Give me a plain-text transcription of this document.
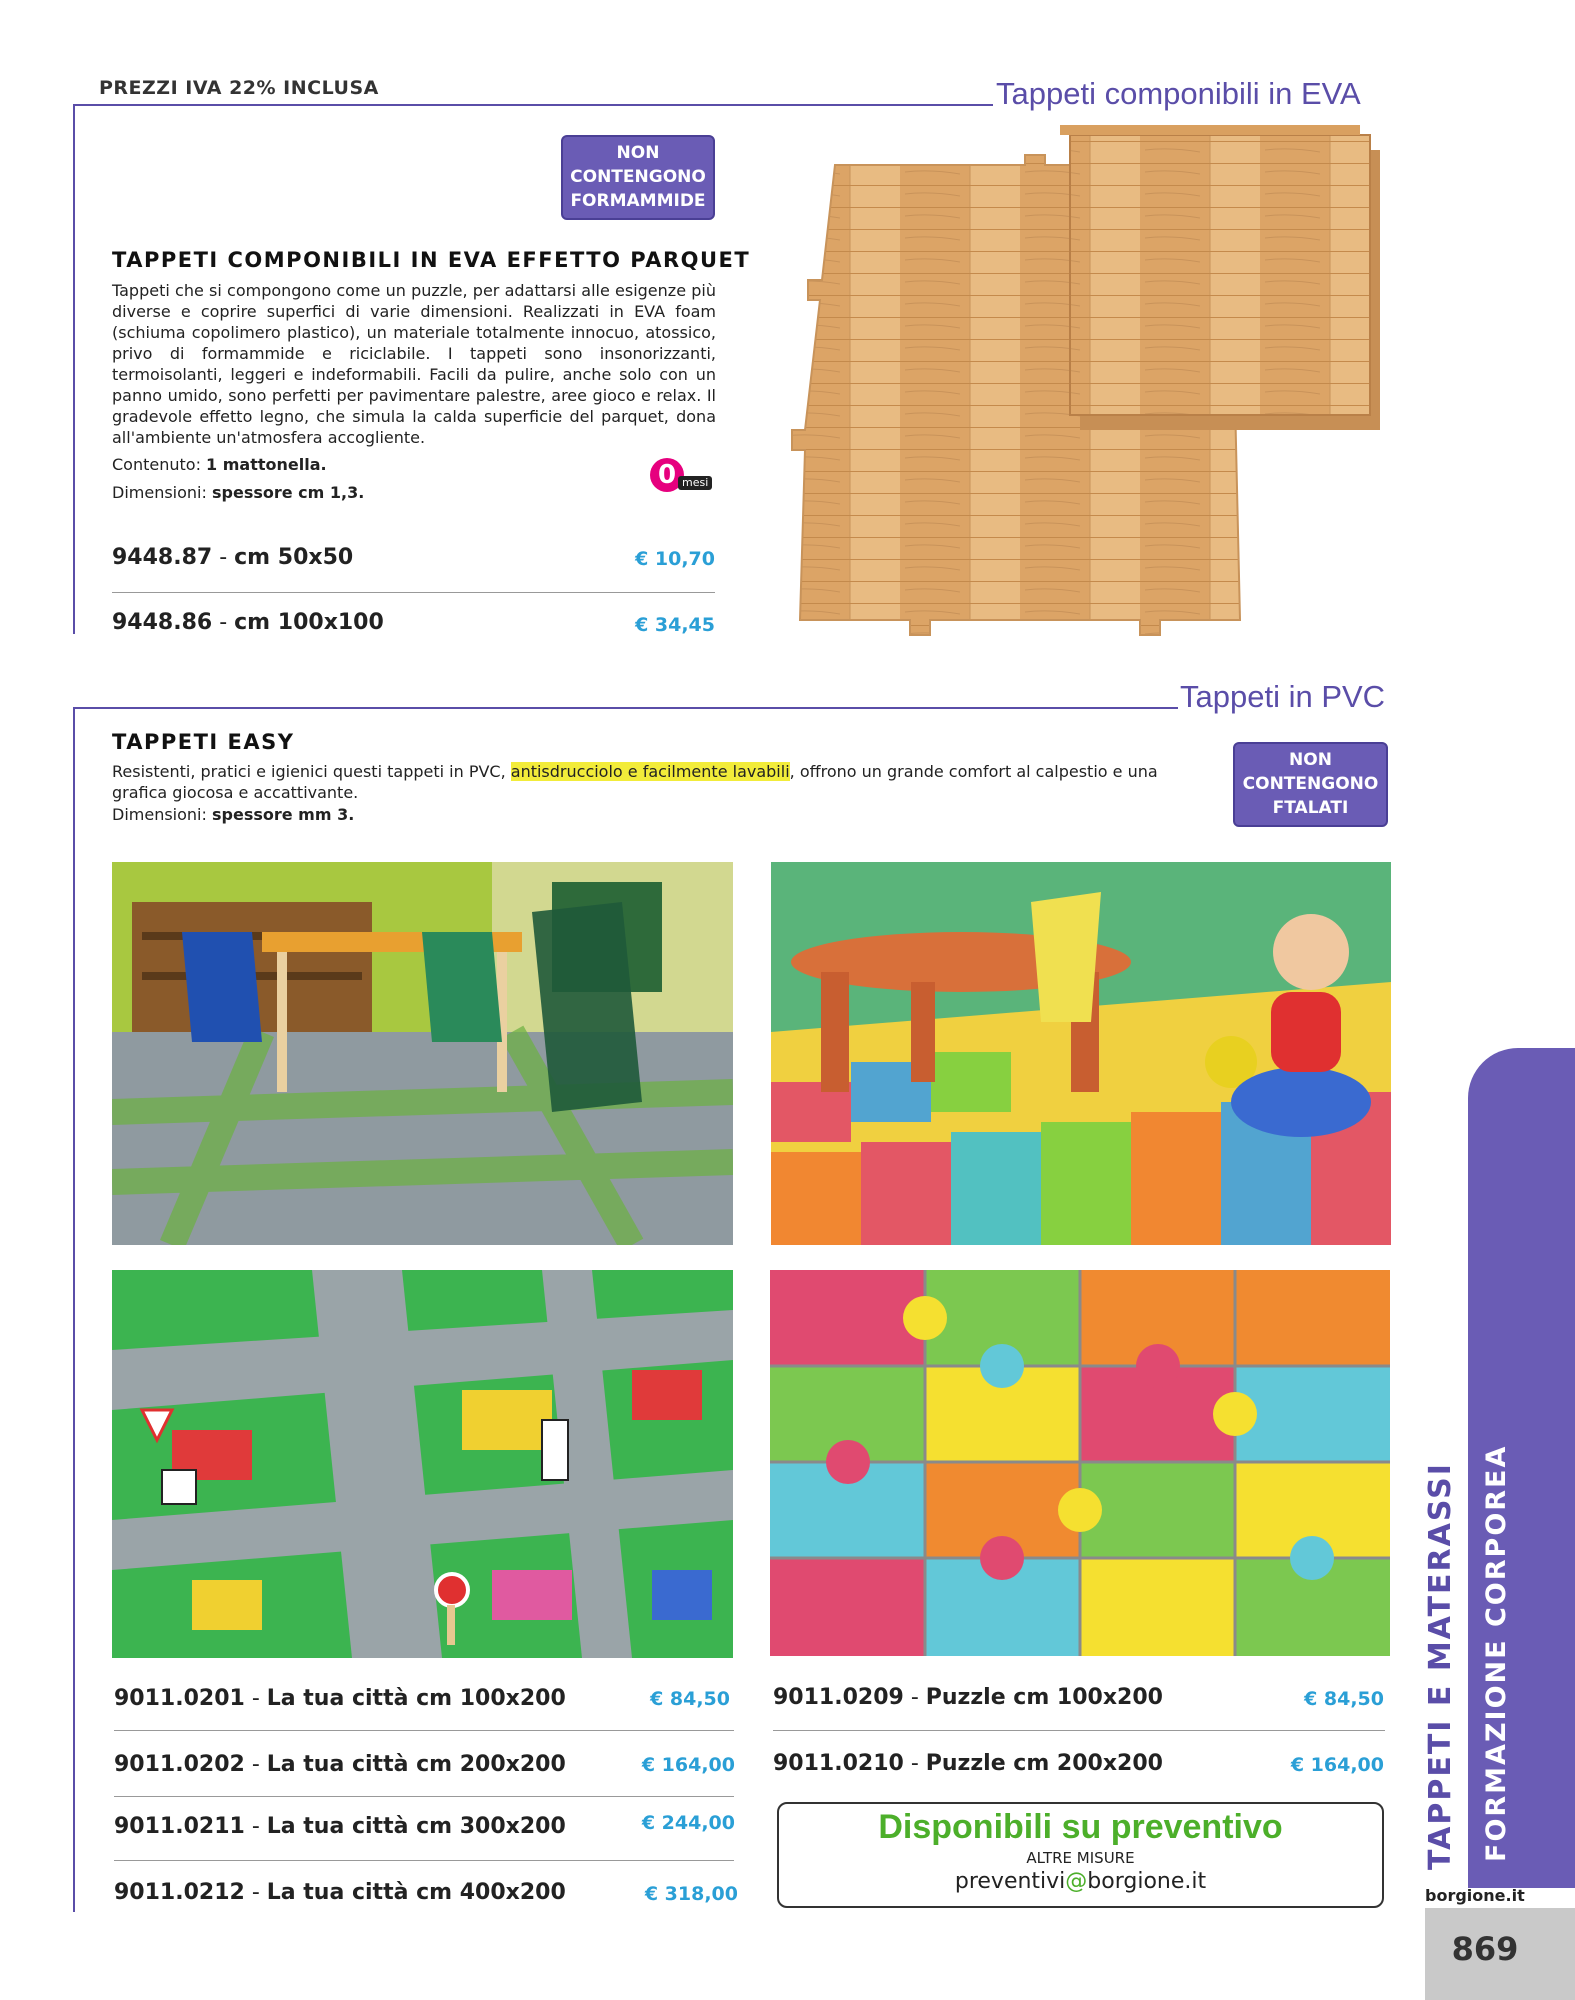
PREZZI IVA 22% INCLUSA	Tappeti componibili in EVA
NON
CONTENGONO
FORMAMMIDE
TAPPETI COMPONIBILI IN EVA EFFETTO PARQUET
Tappeti che si compongono come un puzzle, per adattarsi alle esigenze più diverse e coprire superfici di varie dimensioni. Realizzati in EVA foam (schiuma copolimero plastico), un materiale totalmente innocuo, atossico, privo di formammide e riciclabile. I tappeti sono insonorizzanti, termoisolanti, leggeri e indeformabili. Facili da pulire, anche solo con un panno umido, sono perfetti per pavimentare palestre, aree gioco e relax. Il gradevole effetto legno, che simula la calda superficie del parquet, dona all'ambiente un'atmosfera accogliente.
Contenuto: 1 mattonella.
Dimensioni: spessore cm 1,3.
0 mesi
9448.87 - cm 50x50	€ 10,70
9448.86 - cm 100x100	€ 34,45
Tappeti in PVC
TAPPETI EASY
Resistenti, pratici e igienici questi tappeti in PVC, antisdrucciolo e facilmente lavabili, offrono un grande comfort al calpestio e una grafica giocosa e accattivante.
Dimensioni: spessore mm 3.
NON
CONTENGONO
FTALATI
9011.0201 - La tua città cm 100x200	€ 84,50
9011.0202 - La tua città cm 200x200	€ 164,00
9011.0211 - La tua città cm 300x200	€ 244,00
9011.0212 - La tua città cm 400x200	€ 318,00
9011.0209 - Puzzle cm 100x200	€ 84,50
9011.0210 - Puzzle cm 200x200	€ 164,00
Disponibili su preventivo
ALTRE MISURE
preventivi@borgione.it
TAPPETI E MATERASSI FORMAZIONE CORPOREA
borgione.it
869
